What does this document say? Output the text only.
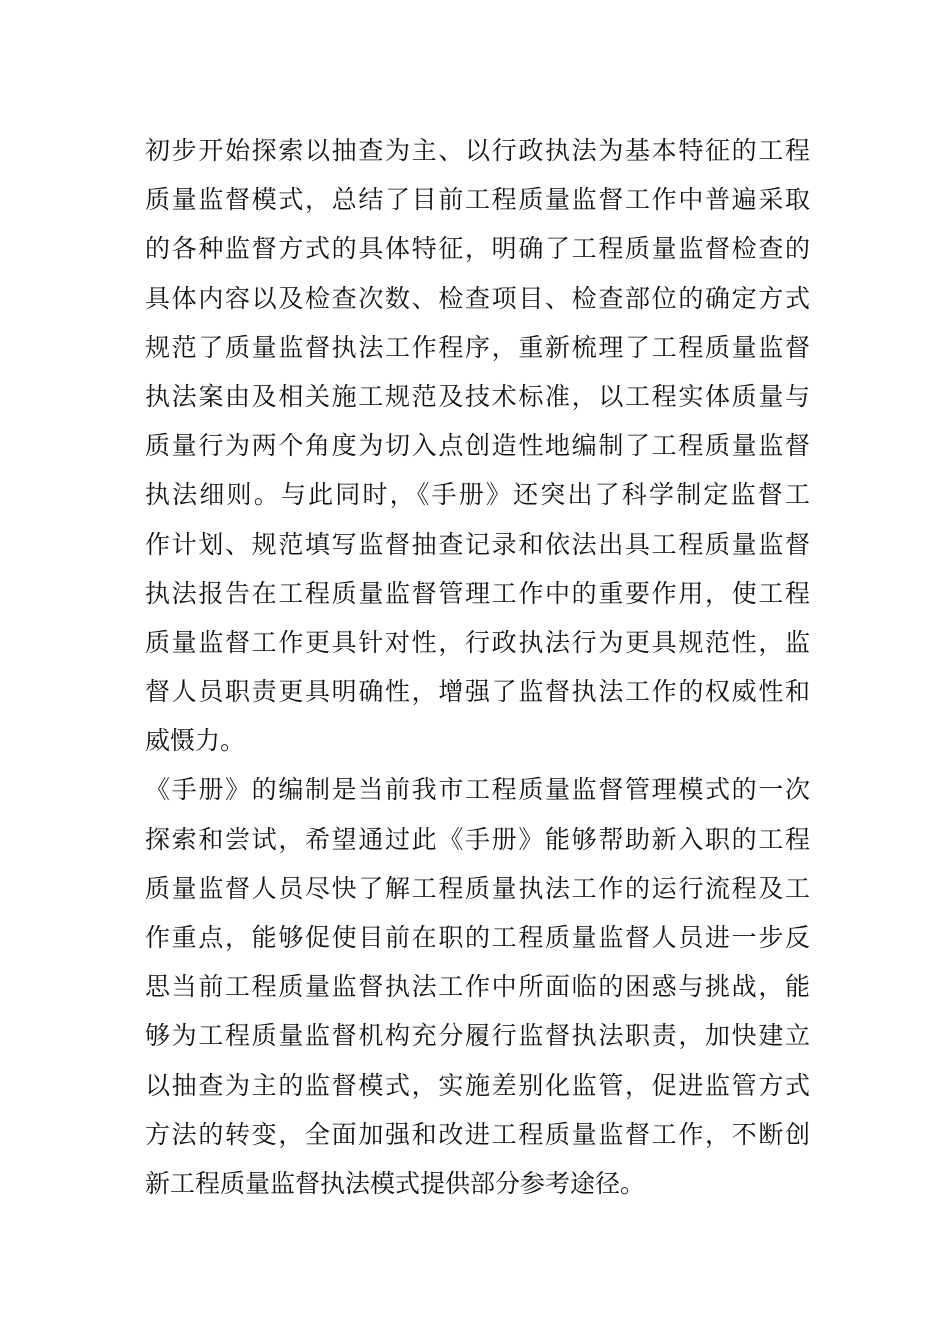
初步开始探索以抽查为主、以行政执法为基本特征的工程
质量监督模式，总结了目前工程质量监督工作中普遍采取
的各种监督方式的具体特征，明确了工程质量监督检查的
具体内容以及检查次数、检查项目、检查部位的确定方式
规范了质量监督执法工作程序，重新梳理了工程质量监督
执法案由及相关施工规范及技术标准，以工程实体质量与
质量行为两个角度为切入点创造性地编制了工程质量监督
执法细则。与此同时，《手册》还突出了科学制定监督工
作计划、规范填写监督抽查记录和依法出具工程质量监督
执法报告在工程质量监督管理工作中的重要作用，使工程
质量监督工作更具针对性，行政执法行为更具规范性，监
督人员职责更具明确性，增强了监督执法工作的权威性和
威慑力。
《手册》的编制是当前我市工程质量监督管理模式的一次
探索和尝试，希望通过此《手册》能够帮助新入职的工程
质量监督人员尽快了解工程质量执法工作的运行流程及工
作重点，能够促使目前在职的工程质量监督人员进一步反
思当前工程质量监督执法工作中所面临的困惑与挑战，能
够为工程质量监督机构充分履行监督执法职责，加快建立
以抽查为主的监督模式，实施差别化监管，促进监管方式
方法的转变，全面加强和改进工程质量监督工作，不断创
新工程质量监督执法模式提供部分参考途径。
